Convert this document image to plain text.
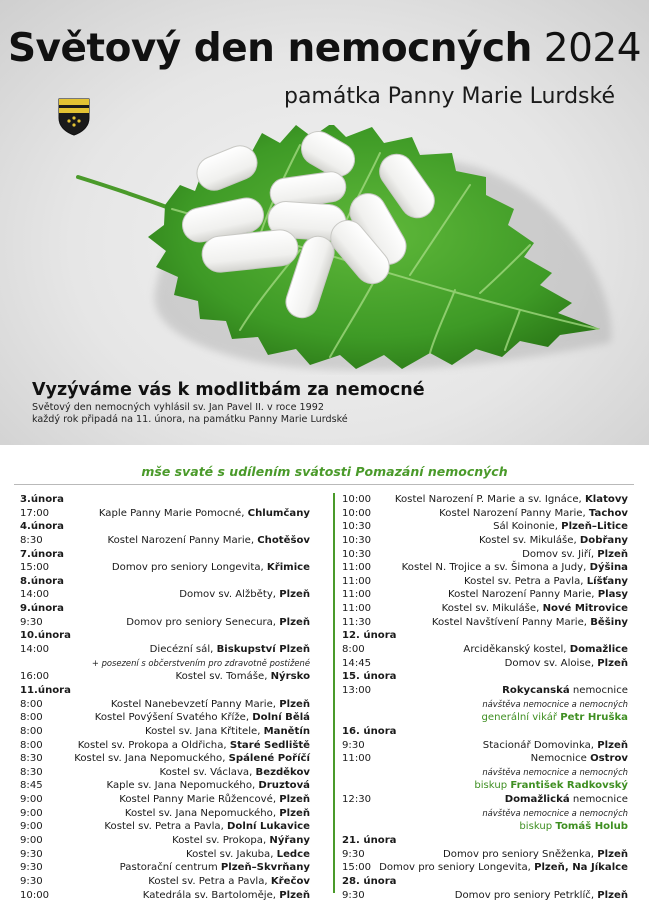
Světový den nemocných 2024
památka Panny Marie Lurdské
Vyzýváme vás k modlitbám za nemocné
Světový den nemocných vyhlásil sv. Jan Pavel II. v roce 1992
každý rok připadá na 11. února, na památku Panny Marie Lurdské
mše svaté s udílením svátosti Pomazání nemocných
3.února
17:00	Kaple Panny Marie Pomocné, Chlumčany
4.února
8:30	Kostel Narození Panny Marie, Chotěšov
7.února
15:00	Domov pro seniory Longevita, Křimice
8.února
14:00	Domov sv. Alžběty, Plzeň
9.února
9:30	Domov pro seniory Senecura, Plzeň
10.února
14:00	Diecézní sál, Biskupství Plzeň
+ posezení s občerstvením pro zdravotně postižené
16:00	Kostel sv. Tomáše, Nýrsko
11.února
8:00	Kostel Nanebevzetí Panny Marie, Plzeň
8:00	Kostel Povýšení Svatého Kříže, Dolní Bělá
8:00	Kostel sv. Jana Křtitele, Manětín
8:00	Kostel sv. Prokopa a Oldřicha, Staré Sedliště
8:30	Kostel sv. Jana Nepomuckého, Spálené Poříčí
8:30	Kostel sv. Václava, Bezděkov
8:45	Kaple sv. Jana Nepomuckého, Druztová
9:00	Kostel Panny Marie Růžencové, Plzeň
9:00	Kostel sv. Jana Nepomuckého, Plzeň
9:00	Kostel sv. Petra a Pavla, Dolní Lukavice
9:00	Kostel sv. Prokopa, Nýřany
9:30	Kostel sv. Jakuba, Ledce
9:30	Pastorační centrum Plzeň–Skvrňany
9:30	Kostel sv. Petra a Pavla, Křečov
10:00	Katedrála sv. Bartoloměje, Plzeň
10:00 Kostel Narození P. Marie a sv. Ignáce, Klatovy
10:00	Kostel Narození Panny Marie, Tachov
10:30	Sál Koinonie, Plzeň–Litice
10:30	Kostel sv. Mikuláše, Dobřany
10:30	Domov sv. Jiří, Plzeň
11:00	Kostel N. Trojice a sv. Šimona a Judy, Dýšina
11:00	Kostel sv. Petra a Pavla, Líšťany
11:00	Kostel Narození Panny Marie, Plasy
11:00	Kostel sv. Mikuláše, Nové Mitrovice
11:30	Kostel Navštívení Panny Marie, Běšiny
12. února
8:00	Arciděkanský kostel, Domažlice
14:45	Domov sv. Aloise, Plzeň
15. února
13:00	Rokycanská nemocnice
návštěva nemocnice a nemocných
generální vikář Petr Hruška
16. února
9:30	Stacionář Domovinka, Plzeň
11:00	Nemocnice Ostrov
návštěva nemocnice a nemocných
biskup František Radkovský
12:30	Domažlická nemocnice
návštěva nemocnice a nemocných
biskup Tomáš Holub
21. února
9:30	Domov pro seniory Sněženka, Plzeň
15:00 Domov pro seniory Longevita, Plzeň, Na Jíkalce
28. února
9:30	Domov pro seniory Petrklíč, Plzeň
